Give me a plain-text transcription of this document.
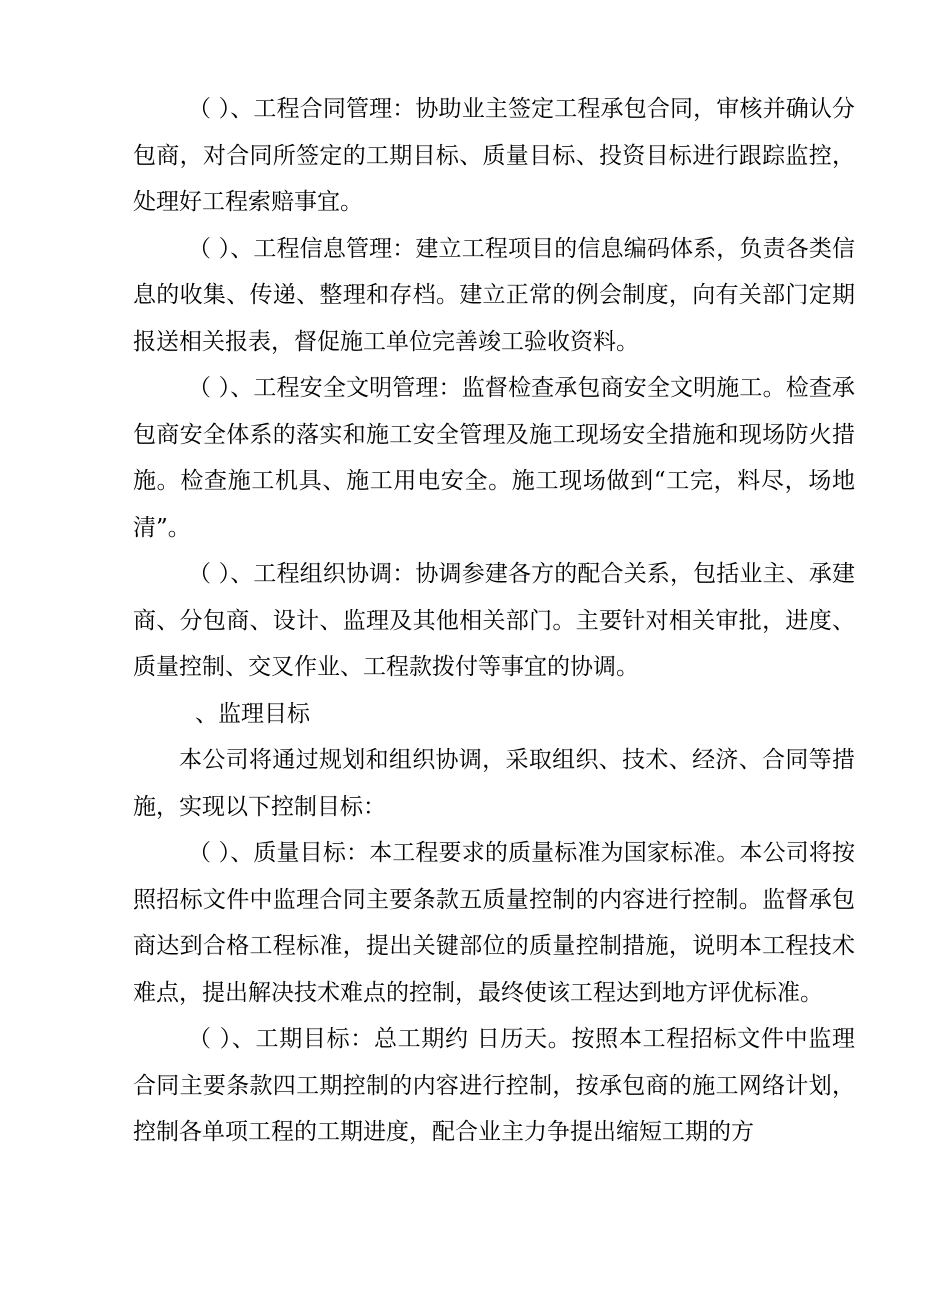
（ ）、工程合同管理：协助业主签定工程承包合同，审核并确认分包商，对合同所签定的工期目标、质量目标、投资目标进行跟踪监控，处理好工程索赔事宜。

（ ）、工程信息管理：建立工程项目的信息编码体系，负责各类信息的收集、传递、整理和存档。建立正常的例会制度，向有关部门定期报送相关报表，督促施工单位完善竣工验收资料。

（ ）、工程安全文明管理：监督检查承包商安全文明施工。检查承包商安全体系的落实和施工安全管理及施工现场安全措施和现场防火措施。检查施工机具、施工用电安全。施工现场做到“工完，料尽，场地清”。

（ ）、工程组织协调：协调参建各方的配合关系，包括业主、承建商、分包商、设计、监理及其他相关部门。主要针对相关审批，进度、质量控制、交叉作业、工程款拨付等事宜的协调。

、监理目标

本公司将通过规划和组织协调，采取组织、技术、经济、合同等措施，实现以下控制目标：

（ ）、质量目标：本工程要求的质量标准为国家标准。本公司将按照招标文件中监理合同主要条款五质量控制的内容进行控制。监督承包商达到合格工程标准，提出关键部位的质量控制措施，说明本工程技术难点，提出解决技术难点的控制，最终使该工程达到地方评优标准。

（ ）、工期目标：总工期约 日历天。按照本工程招标文件中监理合同主要条款四工期控制的内容进行控制，按承包商的施工网络计划，控制各单项工程的工期进度，配合业主力争提出缩短工期的方
